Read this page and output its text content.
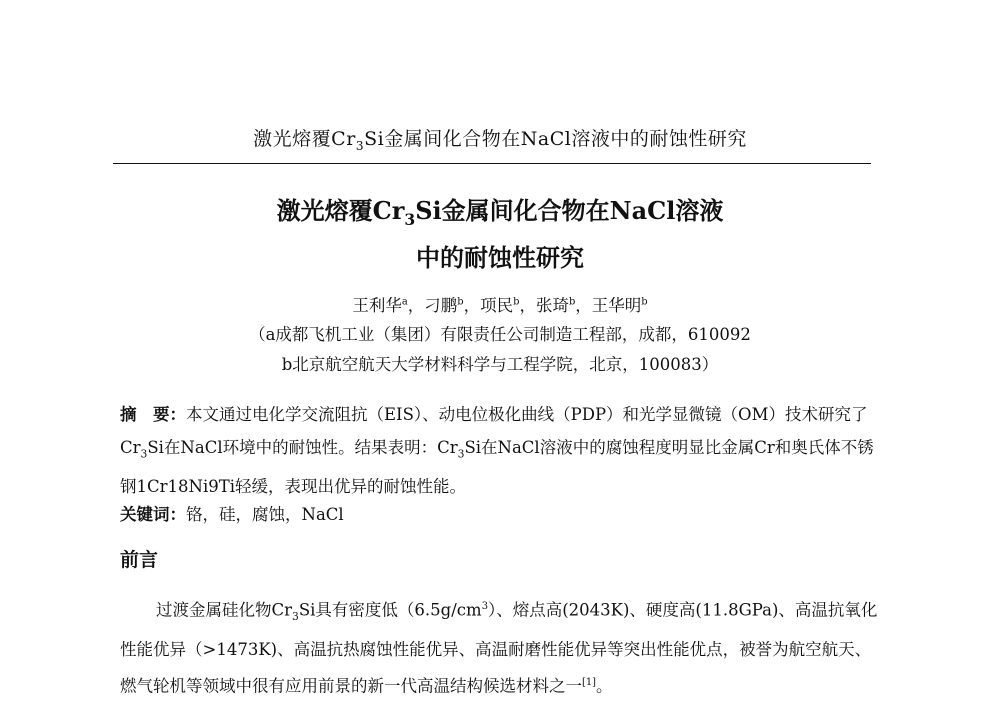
激光熔覆$Cr_3Si$金属间化合物在NaCl溶液中的耐蚀性研究
激光熔覆$Cr_3Si$金属间化合物在NaCl溶液
中的耐蚀性研究
王利华$^a$，刁鹏$^b$，项民$^b$，张琦$^b$，王华明$^b$
（a成都飞机工业（集团）有限责任公司制造工程部，成都，610092
b北京航空航天大学材料科学与工程学院，北京，100083）
摘　要：本文通过电化学交流阻抗（EIS）、动电位极化曲线（PDP）和光学显微镜（OM）技术研究了$Cr_3Si$在NaCl环境中的耐蚀性。结果表明：$Cr_3Si$在NaCl溶液中的腐蚀程度明显比金属Cr和奥氏体不锈钢1Cr18Ni9Ti轻缓，表现出优异的耐蚀性能。
关键词：铬，硅，腐蚀，NaCl
前言
过渡金属硅化物$Cr_3Si$具有密度低$(6.5g/cm^3)$、熔点高(2043K)、硬度高(11.8GPa)、高温抗氧化性能优异（>1473K)、高温抗热腐蚀性能优异、高温耐磨性能优异等突出性能优点，被誉为航空航天、燃气轮机等领域中很有应用前景的新一代高温结构候选材料之一[1]。
